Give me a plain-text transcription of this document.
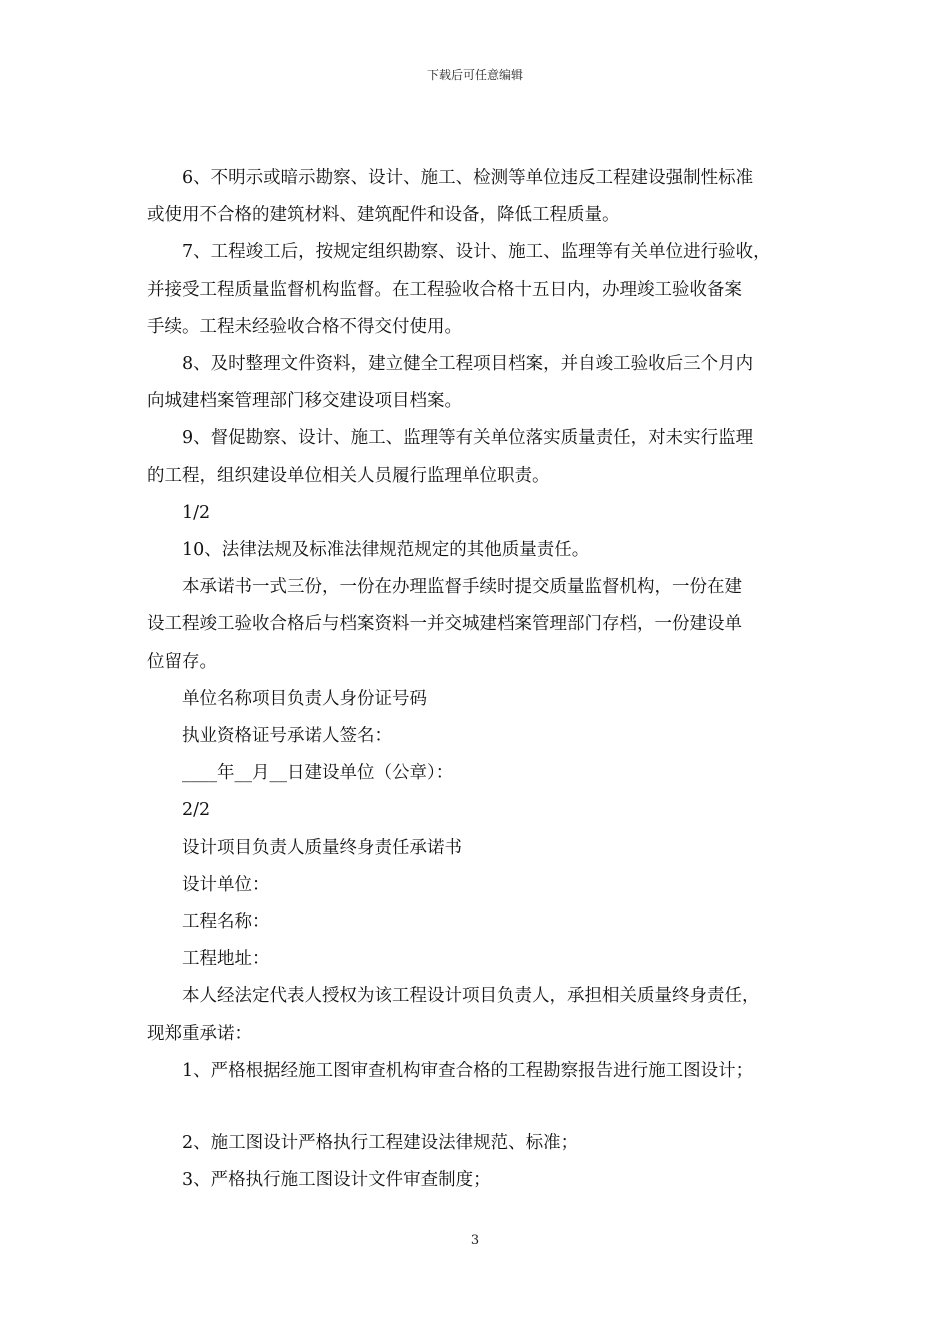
下载后可任意编辑
6、不明示或暗示勘察、设计、施工、检测等单位违反工程建设强制性标准
或使用不合格的建筑材料、建筑配件和设备，降低工程质量。
7、工程竣工后，按规定组织勘察、设计、施工、监理等有关单位进行验收，
并接受工程质量监督机构监督。在工程验收合格十五日内，办理竣工验收备案
手续。工程未经验收合格不得交付使用。
8、及时整理文件资料，建立健全工程项目档案，并自竣工验收后三个月内
向城建档案管理部门移交建设项目档案。
9、督促勘察、设计、施工、监理等有关单位落实质量责任，对未实行监理
的工程，组织建设单位相关人员履行监理单位职责。
1/2
10、法律法规及标准法律规范规定的其他质量责任。
本承诺书一式三份，一份在办理监督手续时提交质量监督机构，一份在建
设工程竣工验收合格后与档案资料一并交城建档案管理部门存档，一份建设单
位留存。
单位名称项目负责人身份证号码
执业资格证号承诺人签名：
____年__月__日建设单位（公章）：
2/2
设计项目负责人质量终身责任承诺书
设计单位：
工程名称：
工程地址：
本人经法定代表人授权为该工程设计项目负责人，承担相关质量终身责任，
现郑重承诺：
1、严格根据经施工图审查机构审查合格的工程勘察报告进行施工图设计；
2、施工图设计严格执行工程建设法律规范、标准；
3、严格执行施工图设计文件审查制度；
3
